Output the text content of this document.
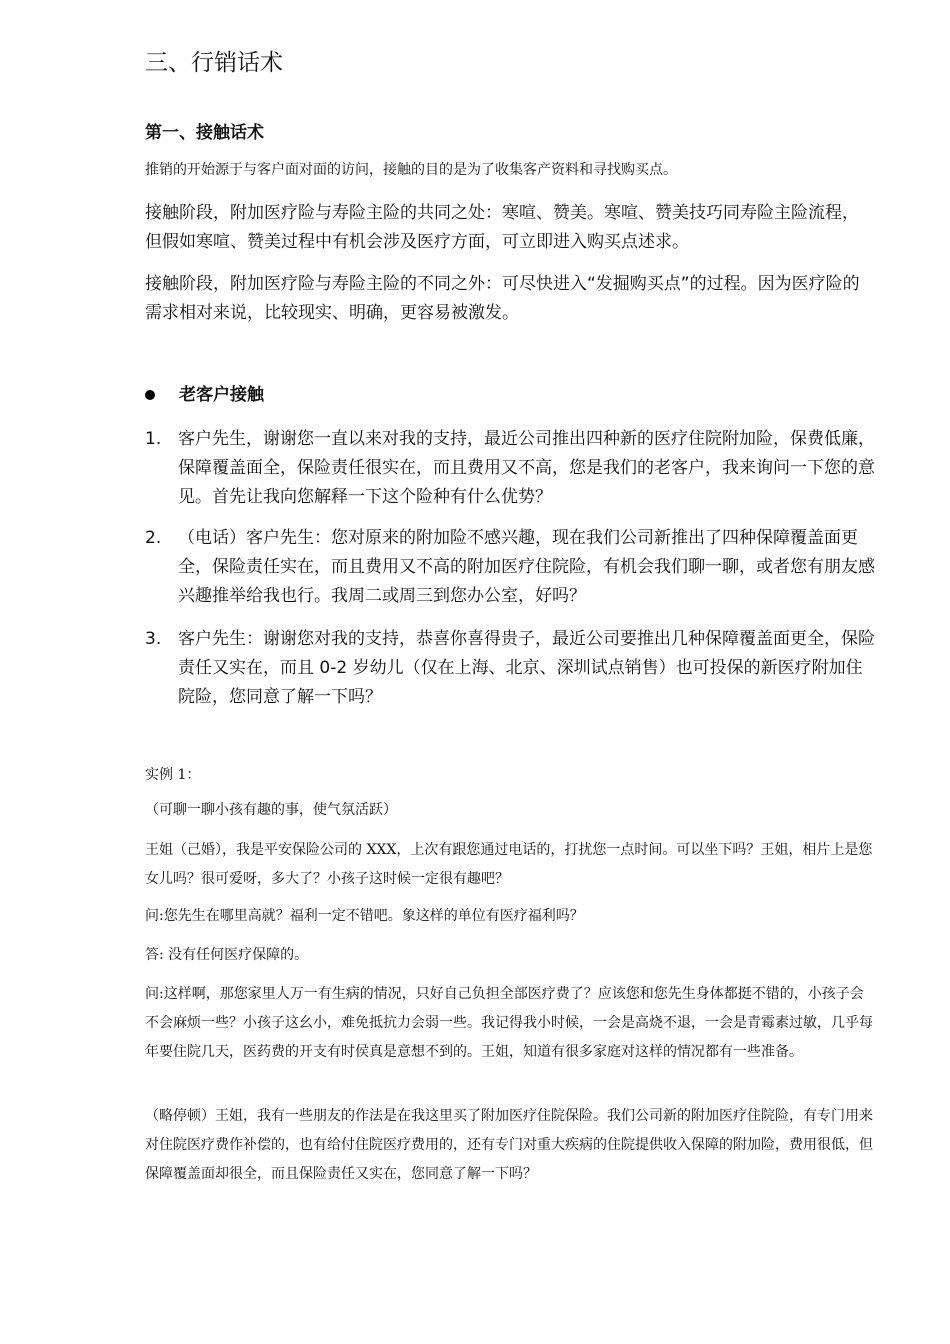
三、行销话术
第一、接触话术

推销的开始源于与客户面对面的访问，接触的目的是为了收集客产资料和寻找购买点。

接触阶段，附加医疗险与寿险主险的共同之处：寒喧、赞美。寒喧、赞美技巧同寿险主险流程，但假如寒喧、赞美过程中有机会涉及医疗方面，可立即进入购买点述求。

接触阶段，附加医疗险与寿险主险的不同之外：可尽快进入“发掘购买点”的过程。因为医疗险的需求相对来说，比较现实、明确，更容易被激发。

老客户接触
1. 客户先生，谢谢您一直以来对我的支持，最近公司推出四种新的医疗住院附加险，保费低廉，保障覆盖面全，保险责任很实在，而且费用又不高，您是我们的老客户，我来询问一下您的意见。首先让我向您解释一下这个险种有什么优势？

2. （电话）客户先生：您对原来的附加险不感兴趣，现在我们公司新推出了四种保障覆盖面更全，保险责任实在，而且费用又不高的附加医疗住院险，有机会我们聊一聊，或者您有朋友感兴趣推举给我也行。我周二或周三到您办公室，好吗？

3. 客户先生：谢谢您对我的支持，恭喜你喜得贵子，最近公司要推出几种保障覆盖面更全，保险责任又实在，而且 0-2 岁幼儿（仅在上海、北京、深圳试点销售）也可投保的新医疗附加住院险，您同意了解一下吗？

实例 1：

（可聊一聊小孩有趣的事，使气氛活跃）

王姐（己婚），我是平安保险公司的 XXX，上次有跟您通过电话的，打扰您一点时间。可以坐下吗？王姐，相片上是您女儿吗？很可爱呀，多大了？小孩子这时候一定很有趣吧？

问:您先生在哪里高就？福利一定不错吧。象这样的单位有医疗福利吗？

答: 没有任何医疗保障的。

问:这样啊，那您家里人万一有生病的情况，只好自己负担全部医疗费了？应该您和您先生身体都挺不错的，小孩子会不会麻烦一些？小孩子这幺小，难免抵抗力会弱一些。我记得我小时候，一会是高烧不退，一会是青霉素过敏，几乎每年要住院几天，医药费的开支有时侯真是意想不到的。王姐，知道有很多家庭对这样的情况都有一些准备。

（略停顿）王姐，我有一些朋友的作法是在我这里买了附加医疗住院保险。我们公司新的附加医疗住院险，有专门用来对住院医疗费作补偿的，也有给付住院医疗费用的，还有专门对重大疾病的住院提供收入保障的附加险，费用很低，但保障覆盖面却很全，而且保险责任又实在，您同意了解一下吗？
